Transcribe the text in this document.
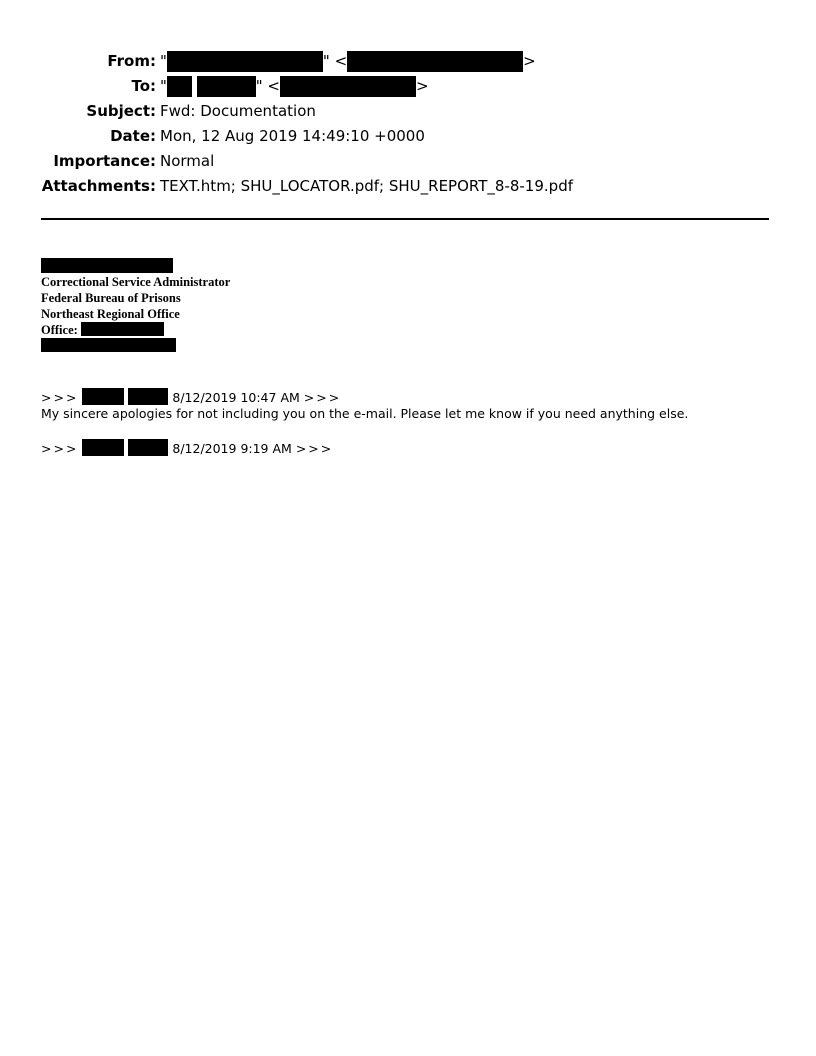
From: "	" <	>
To: "	" <	>
Subject: Fwd: Documentation
Date: Mon, 12 Aug 2019 14:49:10 +0000
Importance: Normal
Attachments: TEXT.htm; SHU_LOCATOR.pdf; SHU_REPORT_8-8-19.pdf
Correctional Service Administrator
Federal Bureau of Prisons
Northeast Regional Office
Office:
>>>	8/12/2019 10:47 AM >>>
My sincere apologies for not including you on the e-mail. Please let me know if you need anything else.
>>>	8/12/2019 9:19 AM >>>
